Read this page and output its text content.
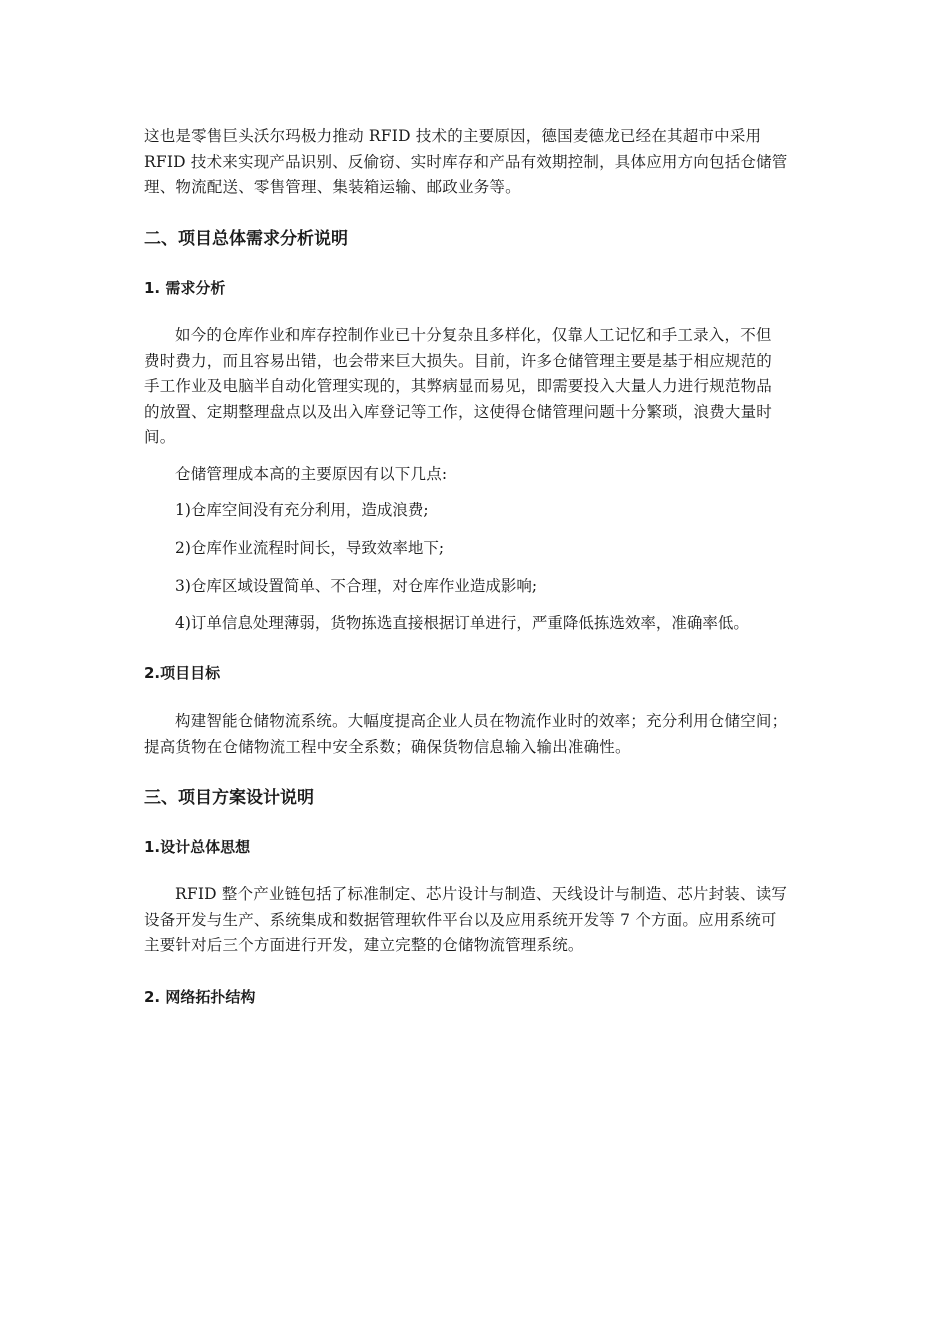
这也是零售巨头沃尔玛极力推动 RFID 技术的主要原因，德国麦德龙已经在其超市中采用
RFID 技术来实现产品识别、反偷窃、实时库存和产品有效期控制，具体应用方向包括仓储管
理、物流配送、零售管理、集装箱运输、邮政业务等。

二、项目总体需求分析说明
1. 需求分析

如今的仓库作业和库存控制作业已十分复杂且多样化，仅靠人工记忆和手工录入，不但
费时费力，而且容易出错，也会带来巨大损失。目前，许多仓储管理主要是基于相应规范的
手工作业及电脑半自动化管理实现的，其弊病显而易见，即需要投入大量人力进行规范物品
的放置、定期整理盘点以及出入库登记等工作，这使得仓储管理问题十分繁琐，浪费大量时
间。

仓储管理成本高的主要原因有以下几点:

1)仓库空间没有充分利用，造成浪费;

2)仓库作业流程时间长，导致效率地下;

3)仓库区域设置简单、不合理，对仓库作业造成影响;

4)订单信息处理薄弱，货物拣选直接根据订单进行，严重降低拣选效率，准确率低。

2.项目目标

构建智能仓储物流系统。大幅度提高企业人员在物流作业时的效率；充分利用仓储空间；
提高货物在仓储物流工程中安全系数；确保货物信息输入输出准确性。

三、项目方案设计说明
1.设计总体思想

RFID 整个产业链包括了标准制定、芯片设计与制造、天线设计与制造、芯片封装、读写
设备开发与生产、系统集成和数据管理软件平台以及应用系统开发等 7 个方面。应用系统可
主要针对后三个方面进行开发，建立完整的仓储物流管理系统。

2. 网络拓扑结构
